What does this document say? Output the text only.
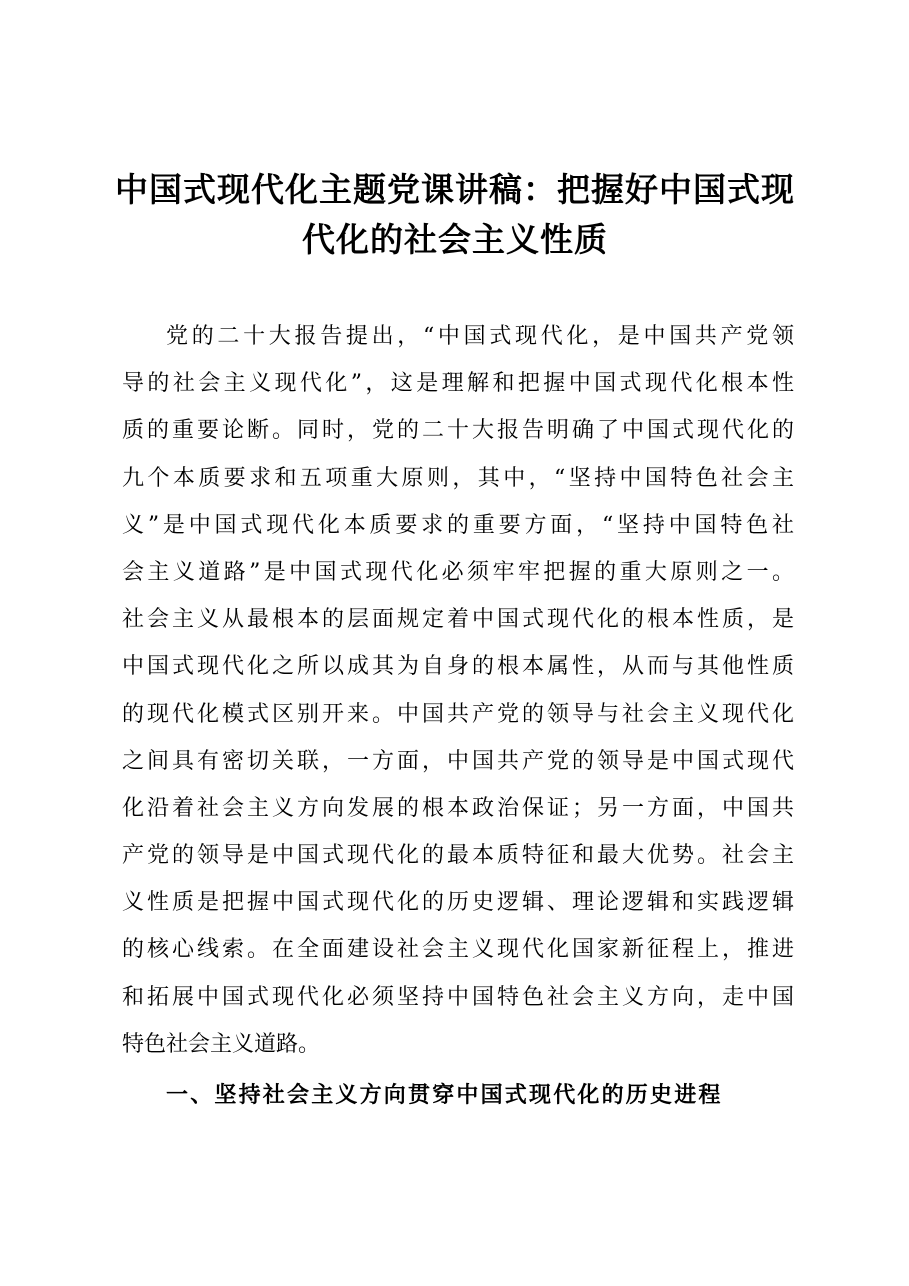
中国式现代化主题党课讲稿：把握好中国式现
代化的社会主义性质
党的二十大报告提出，“中国式现代化，是中国共产党领
导的社会主义现代化”，这是理解和把握中国式现代化根本性
质的重要论断。同时，党的二十大报告明确了中国式现代化的
九个本质要求和五项重大原则，其中，“坚持中国特色社会主
义”是中国式现代化本质要求的重要方面，“坚持中国特色社
会主义道路”是中国式现代化必须牢牢把握的重大原则之一。
社会主义从最根本的层面规定着中国式现代化的根本性质，是
中国式现代化之所以成其为自身的根本属性，从而与其他性质
的现代化模式区别开来。中国共产党的领导与社会主义现代化
之间具有密切关联，一方面，中国共产党的领导是中国式现代
化沿着社会主义方向发展的根本政治保证；另一方面，中国共
产党的领导是中国式现代化的最本质特征和最大优势。社会主
义性质是把握中国式现代化的历史逻辑、理论逻辑和实践逻辑
的核心线索。在全面建设社会主义现代化国家新征程上，推进
和拓展中国式现代化必须坚持中国特色社会主义方向，走中国
特色社会主义道路。
一、坚持社会主义方向贯穿中国式现代化的历史进程
